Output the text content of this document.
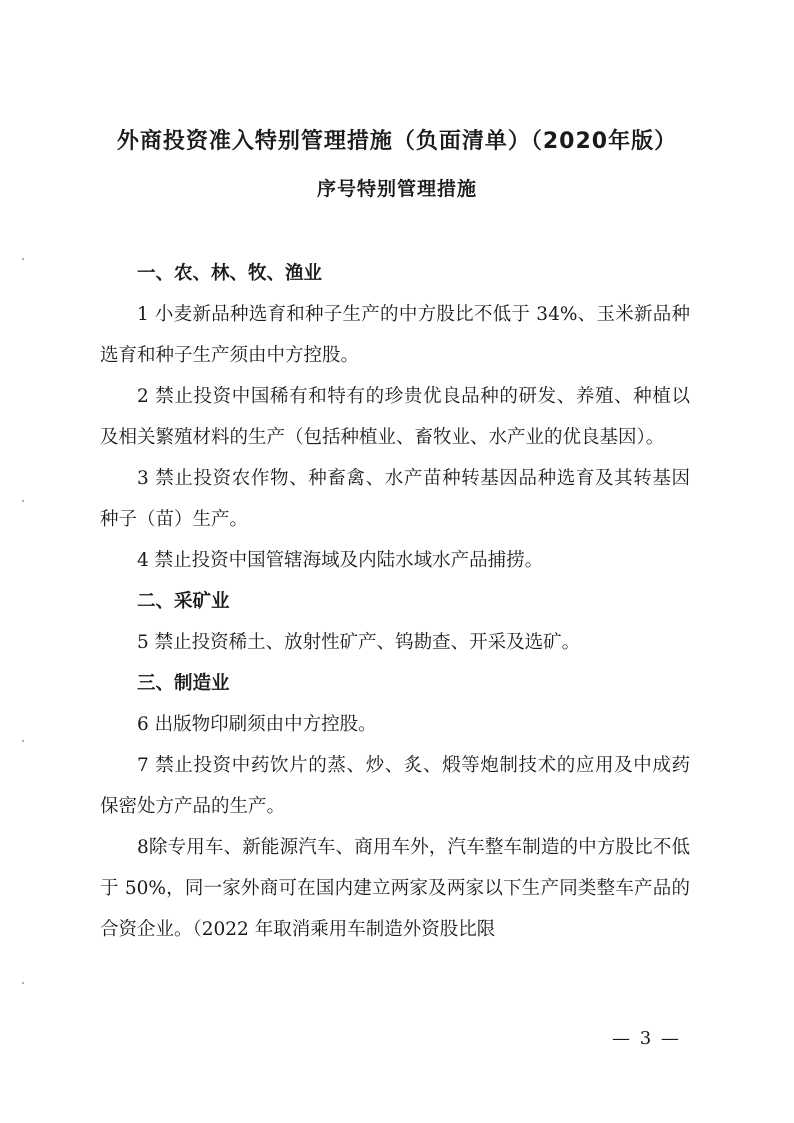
外商投资准入特别管理措施（负面清单）（2020年版）
序号特别管理措施

一、农、林、牧、渔业

1 小麦新品种选育和种子生产的中方股比不低于 34%、玉米新品种选育和种子生产须由中方控股。

2 禁止投资中国稀有和特有的珍贵优良品种的研发、养殖、种植以及相关繁殖材料的生产（包括种植业、畜牧业、水产业的优良基因）。

3 禁止投资农作物、种畜禽、水产苗种转基因品种选育及其转基因种子（苗）生产。

4 禁止投资中国管辖海域及内陆水域水产品捕捞。

二、采矿业

5 禁止投资稀土、放射性矿产、钨勘查、开采及选矿。

三、制造业

6 出版物印刷须由中方控股。

7 禁止投资中药饮片的蒸、炒、炙、煅等炮制技术的应用及中成药保密处方产品的生产。

8除专用车、新能源汽车、商用车外，汽车整车制造的中方股比不低于 50%，同一家外商可在国内建立两家及两家以下生产同类整车产品的合资企业。（2022 年取消乘用车制造外资股比限

— 3 —
